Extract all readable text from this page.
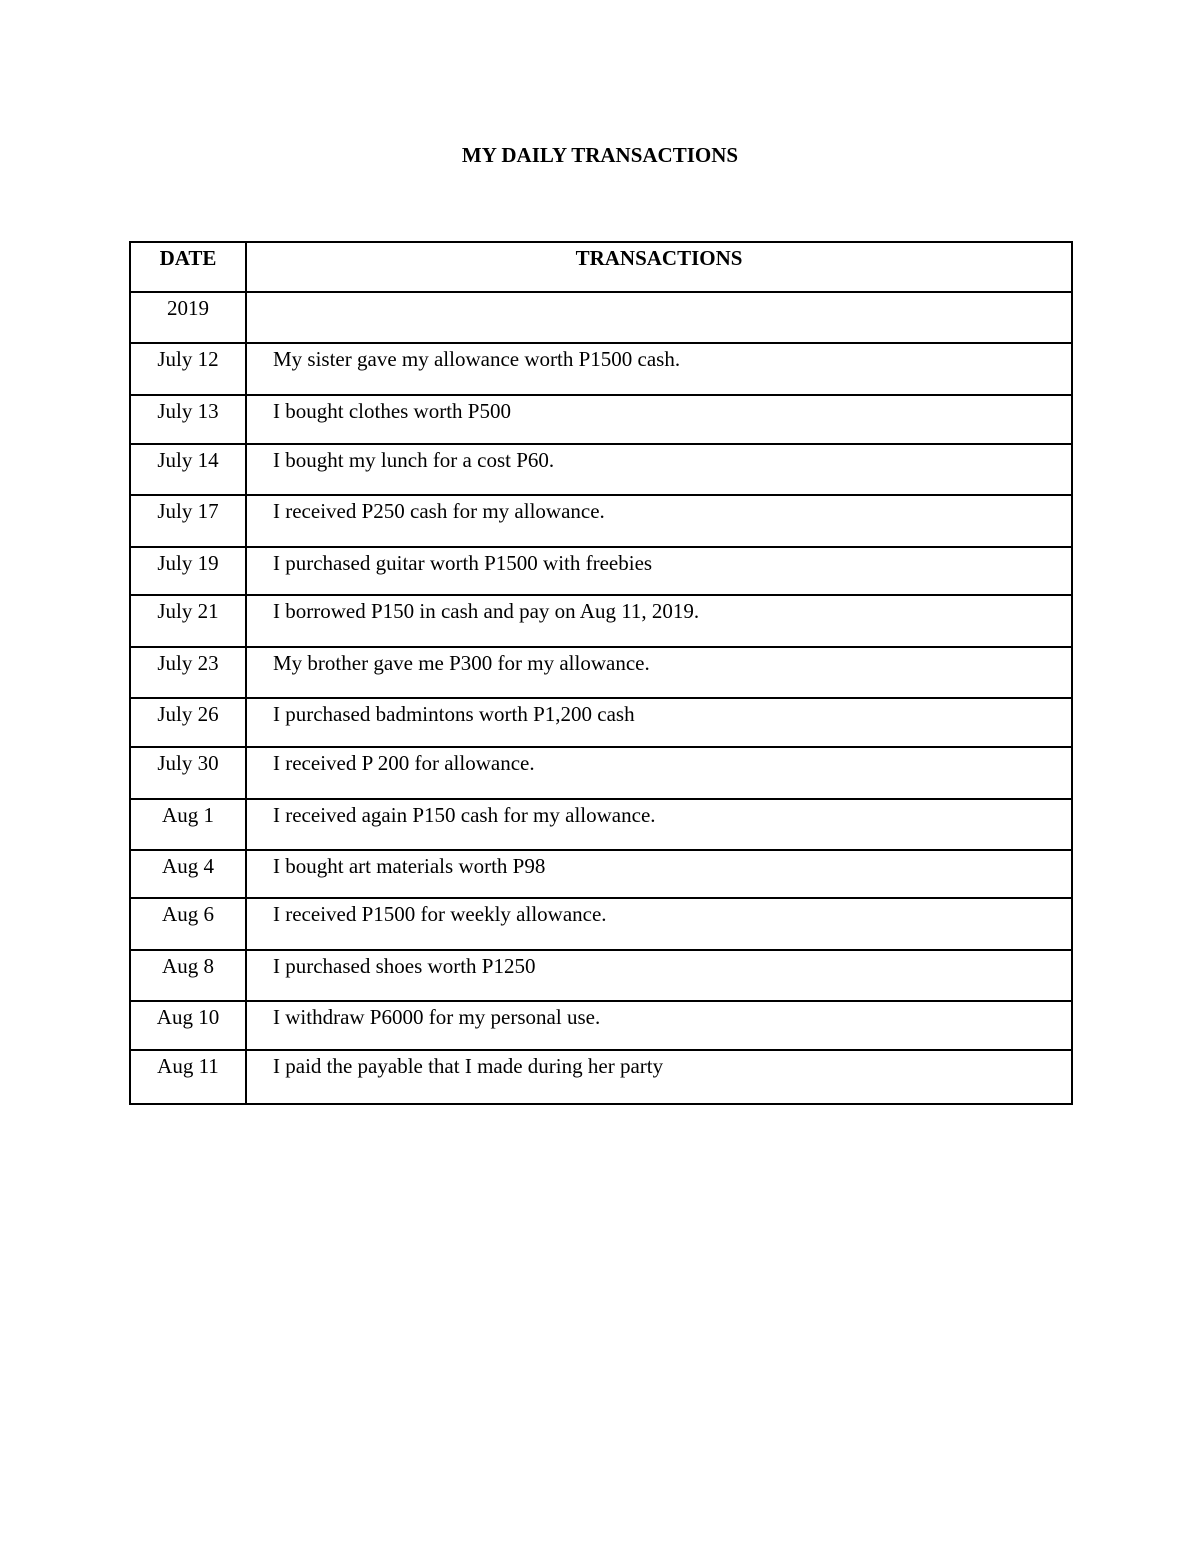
MY DAILY TRANSACTIONS
DATE	TRANSACTIONS
2019	
July 12	My sister gave my allowance worth P1500 cash.
July 13	I bought clothes worth P500
July 14	I bought my lunch for a cost P60.
July 17	I received P250 cash for my allowance.
July 19	I purchased guitar worth P1500 with freebies
July 21	I borrowed P150 in cash and pay on Aug 11, 2019.
July 23	My brother gave me P300 for my allowance.
July 26	I purchased badmintons worth P1,200 cash
July 30	I received P 200 for allowance.
Aug 1	I received again P150 cash for my allowance.
Aug 4	I bought art materials worth P98
Aug 6	I received P1500 for weekly allowance.
Aug 8	I purchased shoes worth P1250
Aug 10	I withdraw P6000 for my personal use.
Aug 11	I paid the payable that I made during her party
